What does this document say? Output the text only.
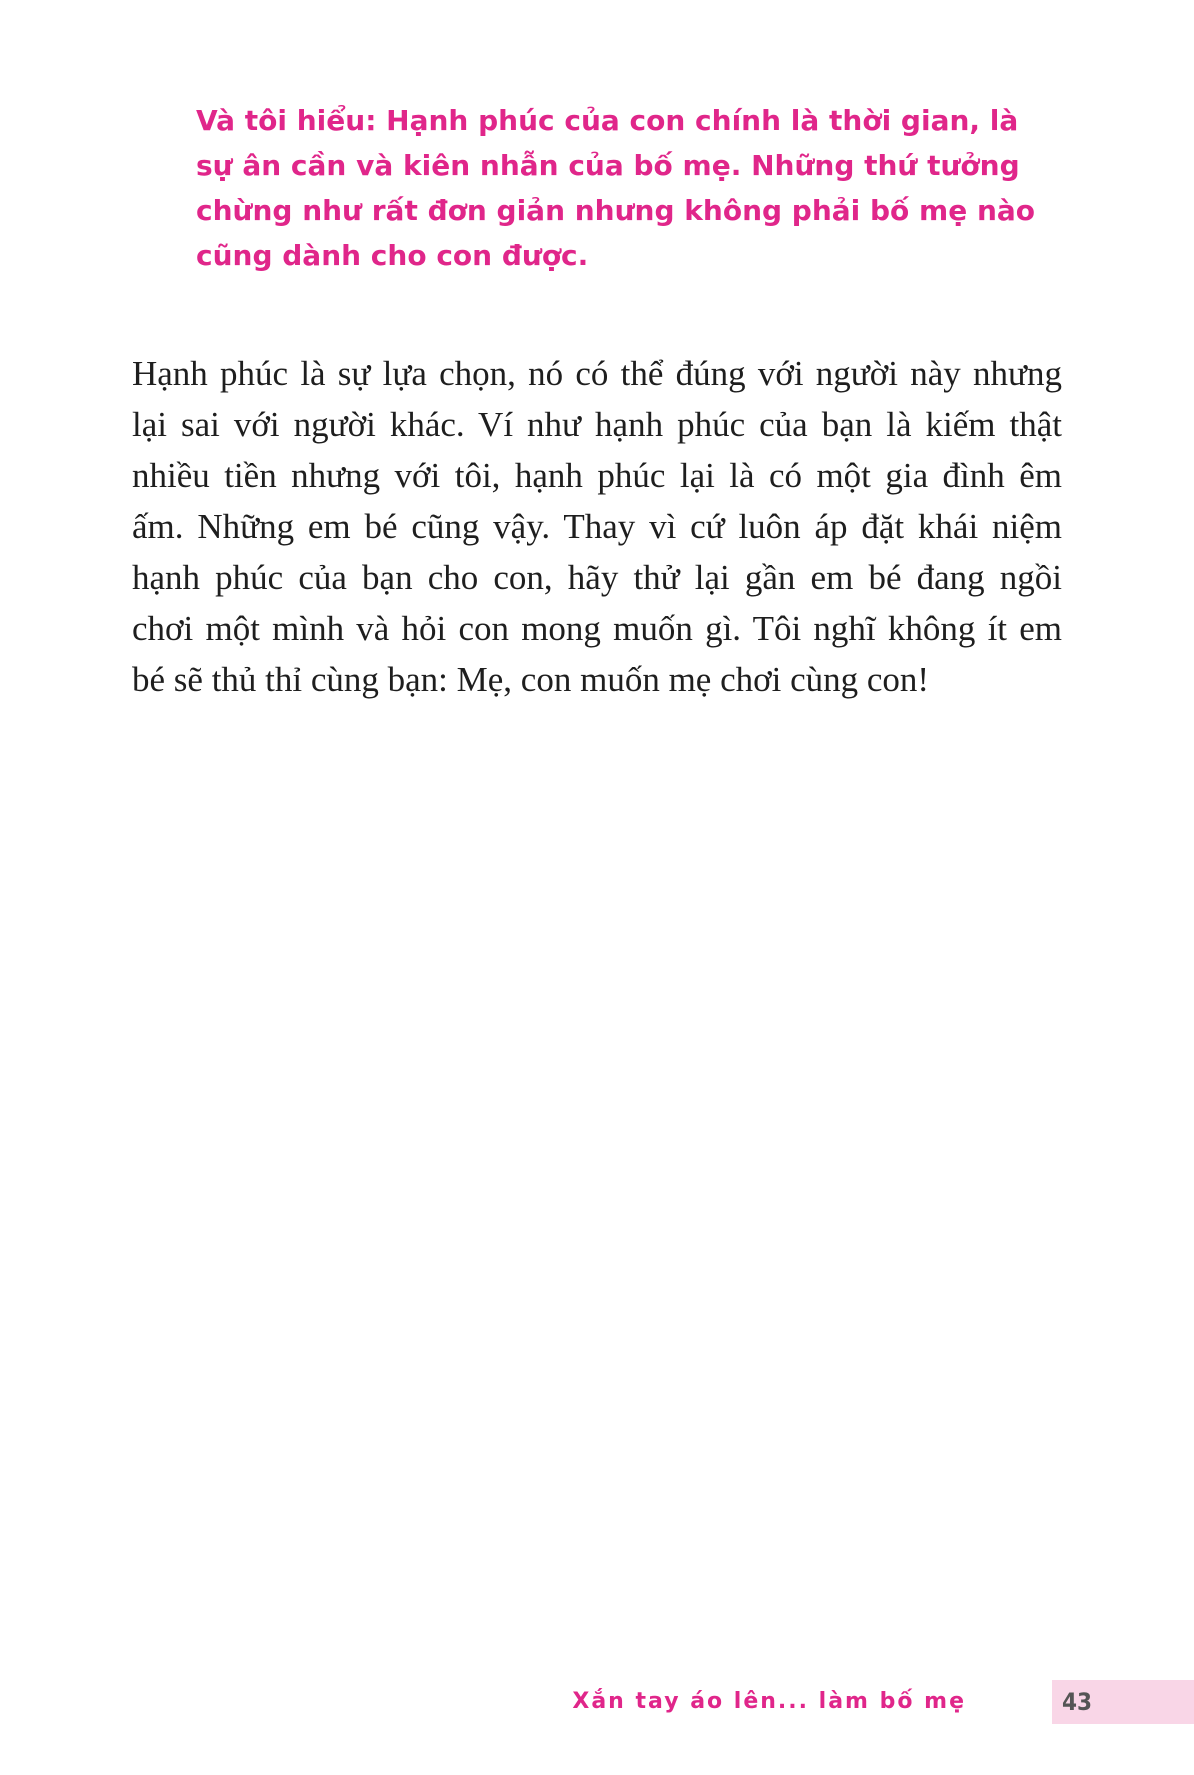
Và tôi hiểu: Hạnh phúc của con chính là thời gian, là

sự ân cần và kiên nhẫn của bố mẹ. Những thứ tưởng

chừng như rất đơn giản nhưng không phải bố mẹ nào

cũng dành cho con được.

Hạnh phúc là sự lựa chọn, nó có thể đúng với người này nhưng

lại sai với người khác. Ví như hạnh phúc của bạn là kiếm thật

nhiều tiền nhưng với tôi, hạnh phúc lại là có một gia đình êm

ấm. Những em bé cũng vậy. Thay vì cứ luôn áp đặt khái niệm

hạnh phúc của bạn cho con, hãy thử lại gần em bé đang ngồi

chơi một mình và hỏi con mong muốn gì. Tôi nghĩ không ít em

bé sẽ thủ thỉ cùng bạn: Mẹ, con muốn mẹ chơi cùng con!

Xắn tay áo lên... làm bố mẹ	43
